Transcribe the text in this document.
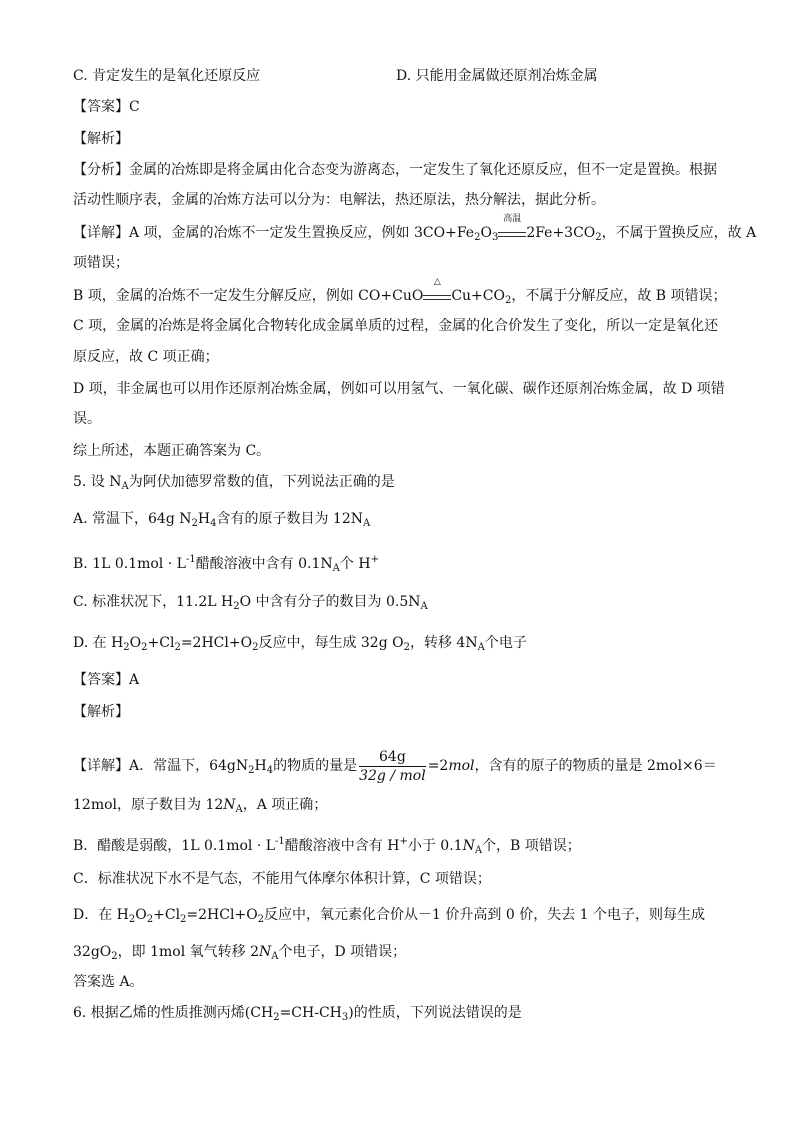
C. 肯定发生的是氧化还原反应	D. 只能用金属做还原剂冶炼金属
【答案】C
【解析】
【分析】金属的冶炼即是将金属由化合态变为游离态，一定发生了氧化还原反应，但不一定是置换。根据
活动性顺序表，金属的冶炼方法可以分为：电解法，热还原法，热分解法，据此分析。
【详解】A 项，金属的冶炼不一定发生置换反应，例如 $3CO+Fe_2O_3$
高温
$2Fe+3CO_2$，不属于置换反应，故 A
项错误；
B 项，金属的冶炼不一定发生分解反应，例如 CO+CuO
△
$Cu+CO_2$，不属于分解反应，故 B 项错误；
C 项，金属的冶炼是将金属化合物转化成金属单质的过程，金属的化合价发生了变化，所以一定是氧化还
原反应，故 C 项正确；
D 项，非金属也可以用作还原剂冶炼金属，例如可以用氢气、一氧化碳、碳作还原剂冶炼金属，故 D 项错
误。
综上所述，本题正确答案为 C。
5. 设 $N_A$为阿伏加德罗常数的值，下列说法正确的是
A. 常温下，64g $N_2H_4$含有的原子数目为 $12N_A$
B. 1L $0.1mol \cdot L^{-1}$醋酸溶液中含有 $0.1N_A$个 H+
C. 标准状况下，11.2L $H_2O$ 中含有分子的数目为 $0.5N_A$
D. 在 $H_2O_2+Cl_2=2HCl+O_2$反应中，每生成 32g $O_2$，转移 $4N_A$个电子
【答案】A
【解析】
【详解】A．常温下，$64gN_2H_4$的物质的量是 $\frac{64g}{\text{32g / mol}} =2mol$，含有的原子的物质的量是 2mol×6＝
12mol，原子数目为 $12N_A$，A 项正确；
B．醋酸是弱酸，1L $0.1mol \cdot L^{-1}$醋酸溶液中含有 H+小于 $0.1N_A$个，B 项错误；
C．标准状况下水不是气态，不能用气体摩尔体积计算，C 项错误；
D．在 $H_2O_2+Cl_2=2HCl+O_2$反应中，氧元素化合价从－1 价升高到 0 价，失去 1 个电子，则每生成
$32gO_2$，即 1mol 氧气转移 $2N_A$个电子，D 项错误；
答案选 A。
6. 根据乙烯的性质推测丙烯$(CH_2=CH-CH_3)$的性质，下列说法错误的是
